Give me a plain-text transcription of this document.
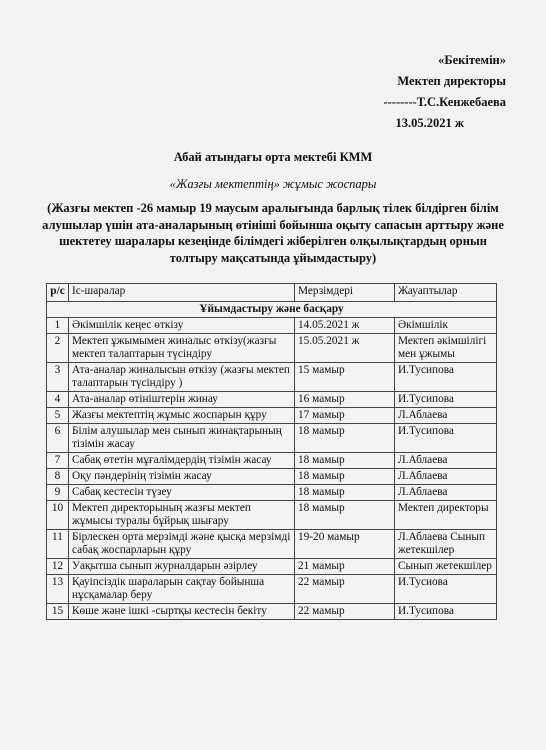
«Бекітемін»
Мектеп директоры
--------Т.С.Кенжебаева
13.05.2021 ж
Абай атындағы орта мектебі КММ
«Жазғы мектептің» жұмыс жоспары
(Жазғы мектеп -26 мамыр 19 маусым аралығында барлық тілек білдірген білім алушылар үшін ата-аналарының өтініші бойынша оқыту сапасын арттыру және шектетеу шаралары кезеңінде білімдегі жіберілген олқылықтардың орнын толтыру мақсатында ұйымдастыру)
р/с	Іс-шаралар	Мерзімдері	Жауаптылар
Ұйымдастыру және басқару			
1	Әкімшілік кеңес өткізу	14.05.2021 ж	Әкімшілік
2	Мектеп ұжымымен жиналыс өткізу(жазғы мектеп талаптарын түсіндіру	15.05.2021 ж	Мектеп әкімшілігі мен ұжымы
3	Ата-аналар жиналысын өткізу (жазғы мектеп талаптарын түсіндіру )	15 мамыр	И.Тусипова
4	Ата-аналар өтініштерін жинау	16 мамыр	И.Тусипова
5	Жазғы мектептің жұмыс жоспарын құру	17 мамыр	Л.Аблаева
6	Білім алушылар мен сынып жинақтарының тізімін жасау	18 мамыр	И.Тусипова
7	Сабақ өтетін мұғалімдердің тізімін жасау	18 мамыр	Л.Аблаева
8	Оқу пәндерінің тізімін жасау	18 мамыр	Л.Аблаева
9	Сабақ кестесін түзеу	18 мамыр	Л.Аблаева
10	Мектеп директорының жазғы мектеп жұмысы туралы бұйрық шығару	18 мамыр	Мектеп директоры
11	Бірлескен орта мерзімді және қысқа мерзімді сабақ жоспарларын құру	19-20 мамыр	Л.Аблаева Сынып жетекшілер
12	Уақытша сынып журналдарын әзірлеу	21 мамыр	Сынып жетекшілер
13	Қауіпсіздік шараларын сақтау бойынша нұсқамалар беру	22 мамыр	И.Тусиова
15	Көше және ішкі -сыртқы кестесін бекіту	22 мамыр	И.Тусипова
